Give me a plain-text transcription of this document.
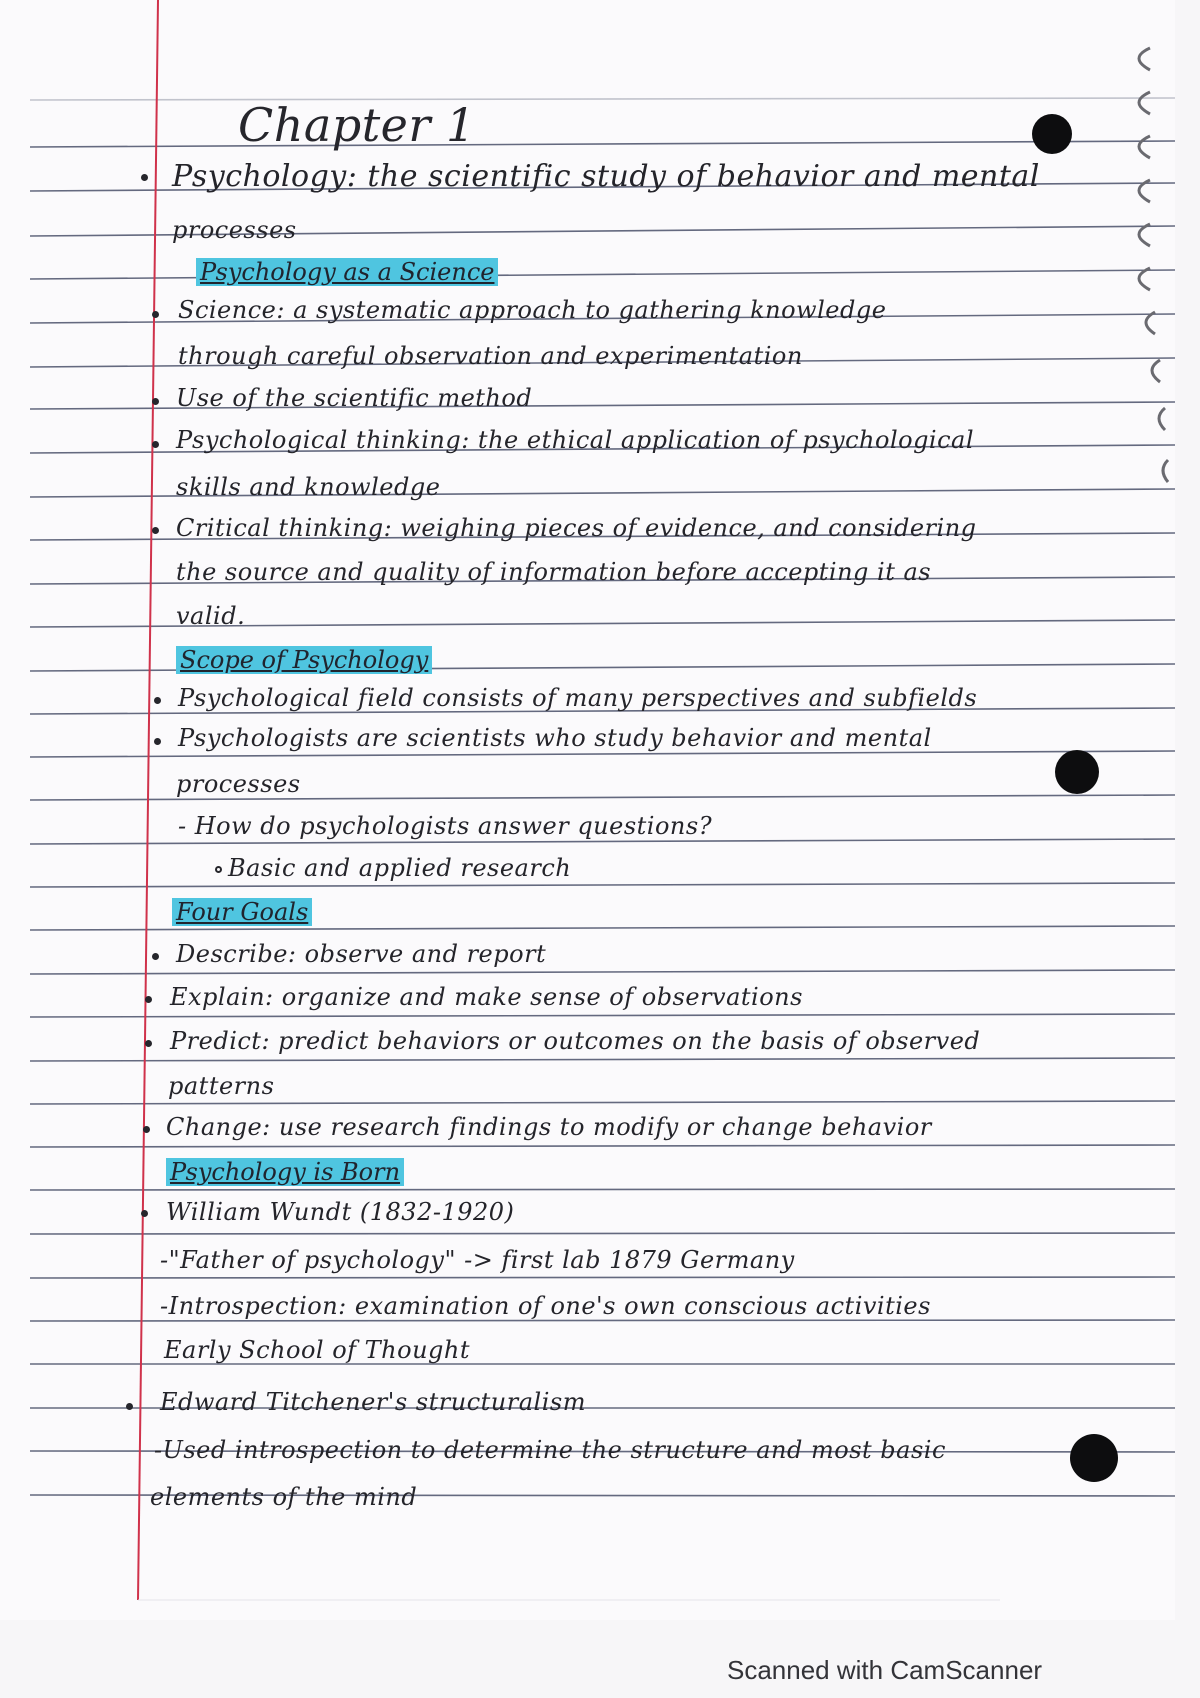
Chapter 1
Psychology: the scientific study of behavior and mental
processes
Psychology as a Science
Science: a systematic approach to gathering knowledge
through careful observation and experimentation
Use of the scientific method
Psychological thinking: the ethical application of psychological
skills and knowledge
Critical thinking: weighing pieces of evidence, and considering
the source and quality of information before accepting it as
valid.
Scope of Psychology
Psychological field consists of many perspectives and subfields
Psychologists are scientists who study behavior and mental
processes
- How do psychologists answer questions?
Basic and applied research
Four Goals
Describe: observe and report
Explain: organize and make sense of observations
Predict: predict behaviors or outcomes on the basis of observed
patterns
Change: use research findings to modify or change behavior
Psychology is Born
William Wundt (1832-1920)
-"Father of psychology" -> first lab 1879 Germany
-Introspection: examination of one's own conscious activities
Early School of Thought
Edward Titchener's structuralism
-Used introspection to determine the structure and most basic
elements of the mind
Scanned with CamScanner
